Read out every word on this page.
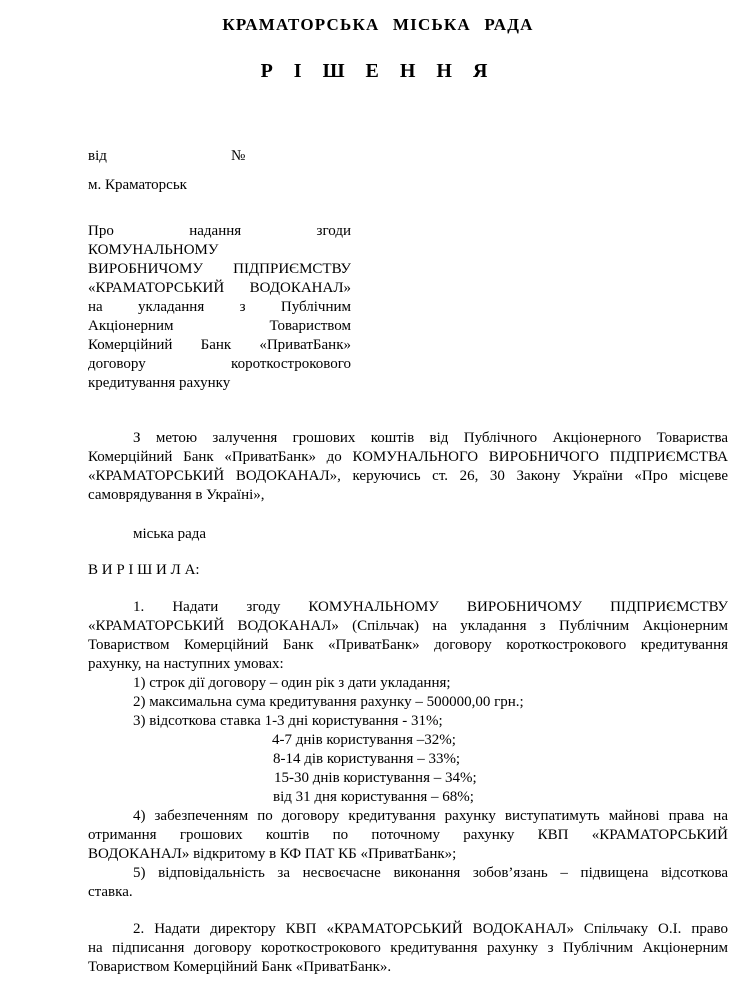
КРАМАТОРСЬКА МІСЬКА РАДА
Р І Ш Е Н Н Я
від	№
м. Краматорськ
Про надання згоди
КОМУНАЛЬНОМУ
ВИРОБНИЧОМУ ПІДПРИЄМСТВУ
«КРАМАТОРСЬКИЙ ВОДОКАНАЛ»
на укладання з Публічним
Акціонерним Товариством
Комерційний Банк «ПриватБанк»
договору короткострокового
кредитування рахунку
З метою залучення грошових коштів від Публічного Акціонерного Товариства
Комерційний Банк «ПриватБанк» до КОМУНАЛЬНОГО ВИРОБНИЧОГО ПІДПРИЄМСТВА
«КРАМАТОРСЬКИЙ ВОДОКАНАЛ», керуючись ст. 26, 30 Закону України «Про місцеве
самоврядування в Україні»,
міська рада
В И Р І Ш И Л А:
1. Надати згоду КОМУНАЛЬНОМУ ВИРОБНИЧОМУ ПІДПРИЄМСТВУ
«КРАМАТОРСЬКИЙ ВОДОКАНАЛ» (Спільчак) на укладання з Публічним Акціонерним
Товариством Комерційний Банк «ПриватБанк» договору короткострокового кредитування
рахунку, на наступних умовах:
1) строк дії договору – один рік з дати укладання;
2) максимальна сума кредитування рахунку – 500000,00 грн.;
3) відсоткова ставка 1-3 дні користування - 31%;
4-7 днів користування –32%;
8-14 дів користування – 33%;
15-30 днів користування – 34%;
від 31 дня користування – 68%;
4) забезпеченням по договору кредитування рахунку виступатимуть майнові права на
отримання грошових коштів по поточному рахунку КВП «КРАМАТОРСЬКИЙ
ВОДОКАНАЛ» відкритому в КФ ПАТ КБ «ПриватБанк»;
5) відповідальність за несвоєчасне виконання зобов’язань – підвищена відсоткова
ставка.
2. Надати директору КВП «КРАМАТОРСЬКИЙ ВОДОКАНАЛ» Спільчаку О.І. право
на підписання договору короткострокового кредитування рахунку з Публічним Акціонерним
Товариством Комерційний Банк «ПриватБанк».
